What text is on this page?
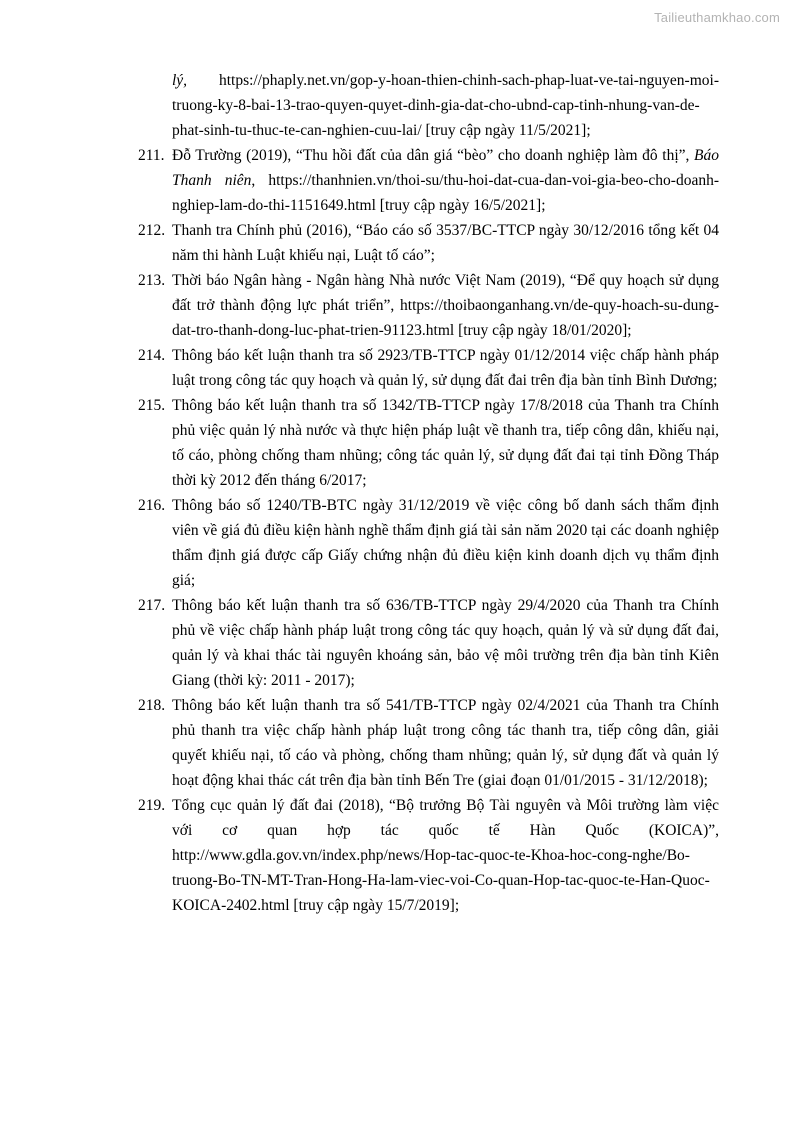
Tailieuthamkhao.com
lý, https://phaply.net.vn/gop-y-hoan-thien-chinh-sach-phap-luat-ve-tai-nguyen-moi-truong-ky-8-bai-13-trao-quyen-quyet-dinh-gia-dat-cho-ubnd-cap-tinh-nhung-van-de-phat-sinh-tu-thuc-te-can-nghien-cuu-lai/ [truy cập ngày 11/5/2021];
211. Đỗ Trường (2019), “Thu hồi đất của dân giá “bèo” cho doanh nghiệp làm đô thị”, Báo Thanh niên, https://thanhnien.vn/thoi-su/thu-hoi-dat-cua-dan-voi-gia-beo-cho-doanh-nghiep-lam-do-thi-1151649.html [truy cập ngày 16/5/2021];
212. Thanh tra Chính phủ (2016), “Báo cáo số 3537/BC-TTCP ngày 30/12/2016 tổng kết 04 năm thi hành Luật khiếu nại, Luật tố cáo”;
213. Thời báo Ngân hàng - Ngân hàng Nhà nước Việt Nam (2019), “Để quy hoạch sử dụng đất trở thành động lực phát triển”, https://thoibaonganhang.vn/de-quy-hoach-su-dung-dat-tro-thanh-dong-luc-phat-trien-91123.html [truy cập ngày 18/01/2020];
214. Thông báo kết luận thanh tra số 2923/TB-TTCP ngày 01/12/2014 việc chấp hành pháp luật trong công tác quy hoạch và quản lý, sử dụng đất đai trên địa bàn tỉnh Bình Dương;
215. Thông báo kết luận thanh tra số 1342/TB-TTCP ngày 17/8/2018 của Thanh tra Chính phủ việc quản lý nhà nước và thực hiện pháp luật về thanh tra, tiếp công dân, khiếu nại, tố cáo, phòng chống tham nhũng; công tác quản lý, sử dụng đất đai tại tỉnh Đồng Tháp thời kỳ 2012 đến tháng 6/2017;
216. Thông báo số 1240/TB-BTC ngày 31/12/2019 về việc công bố danh sách thẩm định viên về giá đủ điều kiện hành nghề thẩm định giá tài sản năm 2020 tại các doanh nghiệp thẩm định giá được cấp Giấy chứng nhận đủ điều kiện kinh doanh dịch vụ thẩm định giá;
217. Thông báo kết luận thanh tra số 636/TB-TTCP ngày 29/4/2020 của Thanh tra Chính phủ về việc chấp hành pháp luật trong công tác quy hoạch, quản lý và sử dụng đất đai, quản lý và khai thác tài nguyên khoáng sản, bảo vệ môi trường trên địa bàn tỉnh Kiên Giang (thời kỳ: 2011 - 2017);
218. Thông báo kết luận thanh tra số 541/TB-TTCP ngày 02/4/2021 của Thanh tra Chính phủ thanh tra việc chấp hành pháp luật trong công tác thanh tra, tiếp công dân, giải quyết khiếu nại, tố cáo và phòng, chống tham nhũng; quản lý, sử dụng đất và quản lý hoạt động khai thác cát trên địa bàn tỉnh Bến Tre (giai đoạn 01/01/2015 - 31/12/2018);
219. Tổng cục quản lý đất đai (2018), “Bộ trưởng Bộ Tài nguyên và Môi trường làm việc với cơ quan hợp tác quốc tế Hàn Quốc (KOICA)”, http://www.gdla.gov.vn/index.php/news/Hop-tac-quoc-te-Khoa-hoc-cong-nghe/Bo-truong-Bo-TN-MT-Tran-Hong-Ha-lam-viec-voi-Co-quan-Hop-tac-quoc-te-Han-Quoc-KOICA-2402.html [truy cập ngày 15/7/2019];
